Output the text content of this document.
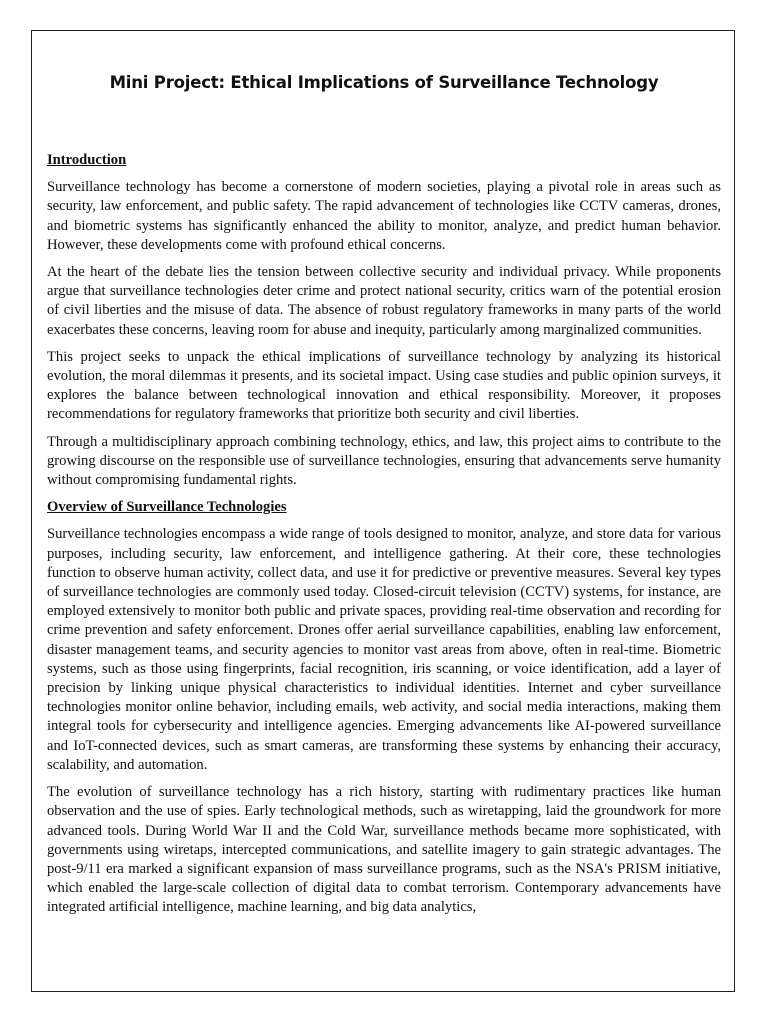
Mini Project: Ethical Implications of Surveillance Technology
Introduction

Surveillance technology has become a cornerstone of modern societies, playing a pivotal role in areas such as security, law enforcement, and public safety. The rapid advancement of technologies like CCTV cameras, drones, and biometric systems has significantly enhanced the ability to monitor, analyze, and predict human behavior. However, these developments come with profound ethical concerns.

At the heart of the debate lies the tension between collective security and individual privacy. While proponents argue that surveillance technologies deter crime and protect national security, critics warn of the potential erosion of civil liberties and the misuse of data. The absence of robust regulatory frameworks in many parts of the world exacerbates these concerns, leaving room for abuse and inequity, particularly among marginalized communities.

This project seeks to unpack the ethical implications of surveillance technology by analyzing its historical evolution, the moral dilemmas it presents, and its societal impact. Using case studies and public opinion surveys, it explores the balance between technological innovation and ethical responsibility. Moreover, it proposes recommendations for regulatory frameworks that prioritize both security and civil liberties.

Through a multidisciplinary approach combining technology, ethics, and law, this project aims to contribute to the growing discourse on the responsible use of surveillance technologies, ensuring that advancements serve humanity without compromising fundamental rights.

Overview of Surveillance Technologies

Surveillance technologies encompass a wide range of tools designed to monitor, analyze, and store data for various purposes, including security, law enforcement, and intelligence gathering. At their core, these technologies function to observe human activity, collect data, and use it for predictive or preventive measures. Several key types of surveillance technologies are commonly used today. Closed-circuit television (CCTV) systems, for instance, are employed extensively to monitor both public and private spaces, providing real-time observation and recording for crime prevention and safety enforcement. Drones offer aerial surveillance capabilities, enabling law enforcement, disaster management teams, and security agencies to monitor vast areas from above, often in real-time. Biometric systems, such as those using fingerprints, facial recognition, iris scanning, or voice identification, add a layer of precision by linking unique physical characteristics to individual identities. Internet and cyber surveillance technologies monitor online behavior, including emails, web activity, and social media interactions, making them integral tools for cybersecurity and intelligence agencies. Emerging advancements like AI-powered surveillance and IoT-connected devices, such as smart cameras, are transforming these systems by enhancing their accuracy, scalability, and automation.

The evolution of surveillance technology has a rich history, starting with rudimentary practices like human observation and the use of spies. Early technological methods, such as wiretapping, laid the groundwork for more advanced tools. During World War II and the Cold War, surveillance methods became more sophisticated, with governments using wiretaps, intercepted communications, and satellite imagery to gain strategic advantages. The post-9/11 era marked a significant expansion of mass surveillance programs, such as the NSA's PRISM initiative, which enabled the large-scale collection of digital data to combat terrorism. Contemporary advancements have integrated artificial intelligence, machine learning, and big data analytics,
